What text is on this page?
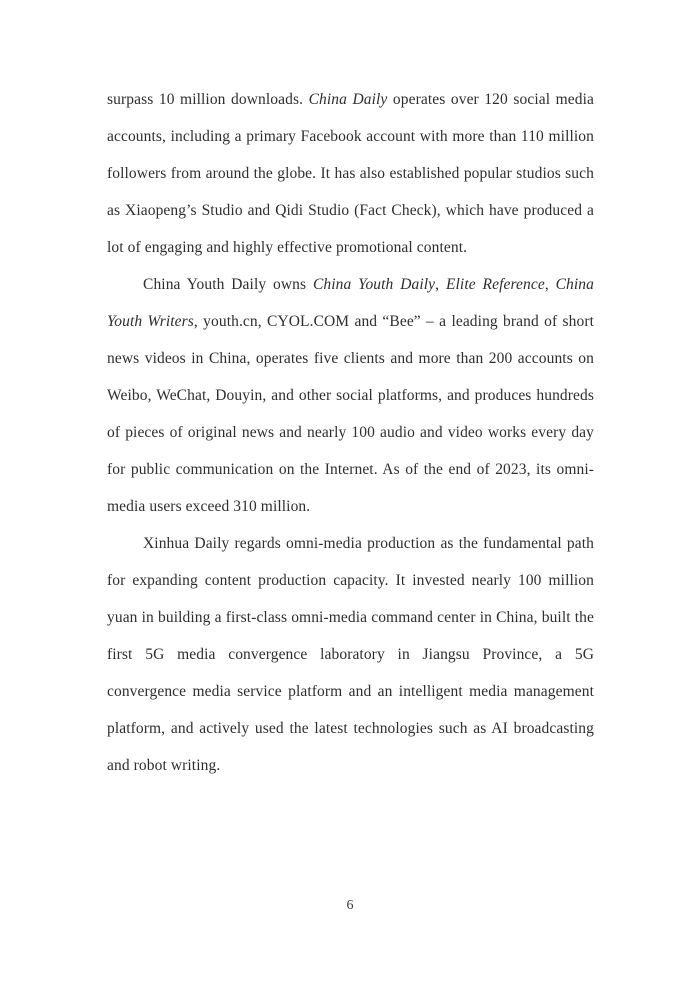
surpass 10 million downloads. China Daily operates over 120 social media accounts, including a primary Facebook account with more than 110 million followers from around the globe. It has also established popular studios such as Xiaopeng’s Studio and Qidi Studio (Fact Check), which have produced a lot of engaging and highly effective promotional content.

China Youth Daily owns China Youth Daily, Elite Reference, China Youth Writers, youth.cn, CYOL.COM and “Bee” – a leading brand of short news videos in China, operates five clients and more than 200 accounts on Weibo, WeChat, Douyin, and other social platforms, and produces hundreds of pieces of original news and nearly 100 audio and video works every day for public communication on the Internet. As of the end of 2023, its omni-media users exceed 310 million.

Xinhua Daily regards omni-media production as the fundamental path for expanding content production capacity. It invested nearly 100 million yuan in building a first-class omni-media command center in China, built the first 5G media convergence laboratory in Jiangsu Province, a 5G convergence media service platform and an intelligent media management platform, and actively used the latest technologies such as AI broadcasting and robot writing.

6
